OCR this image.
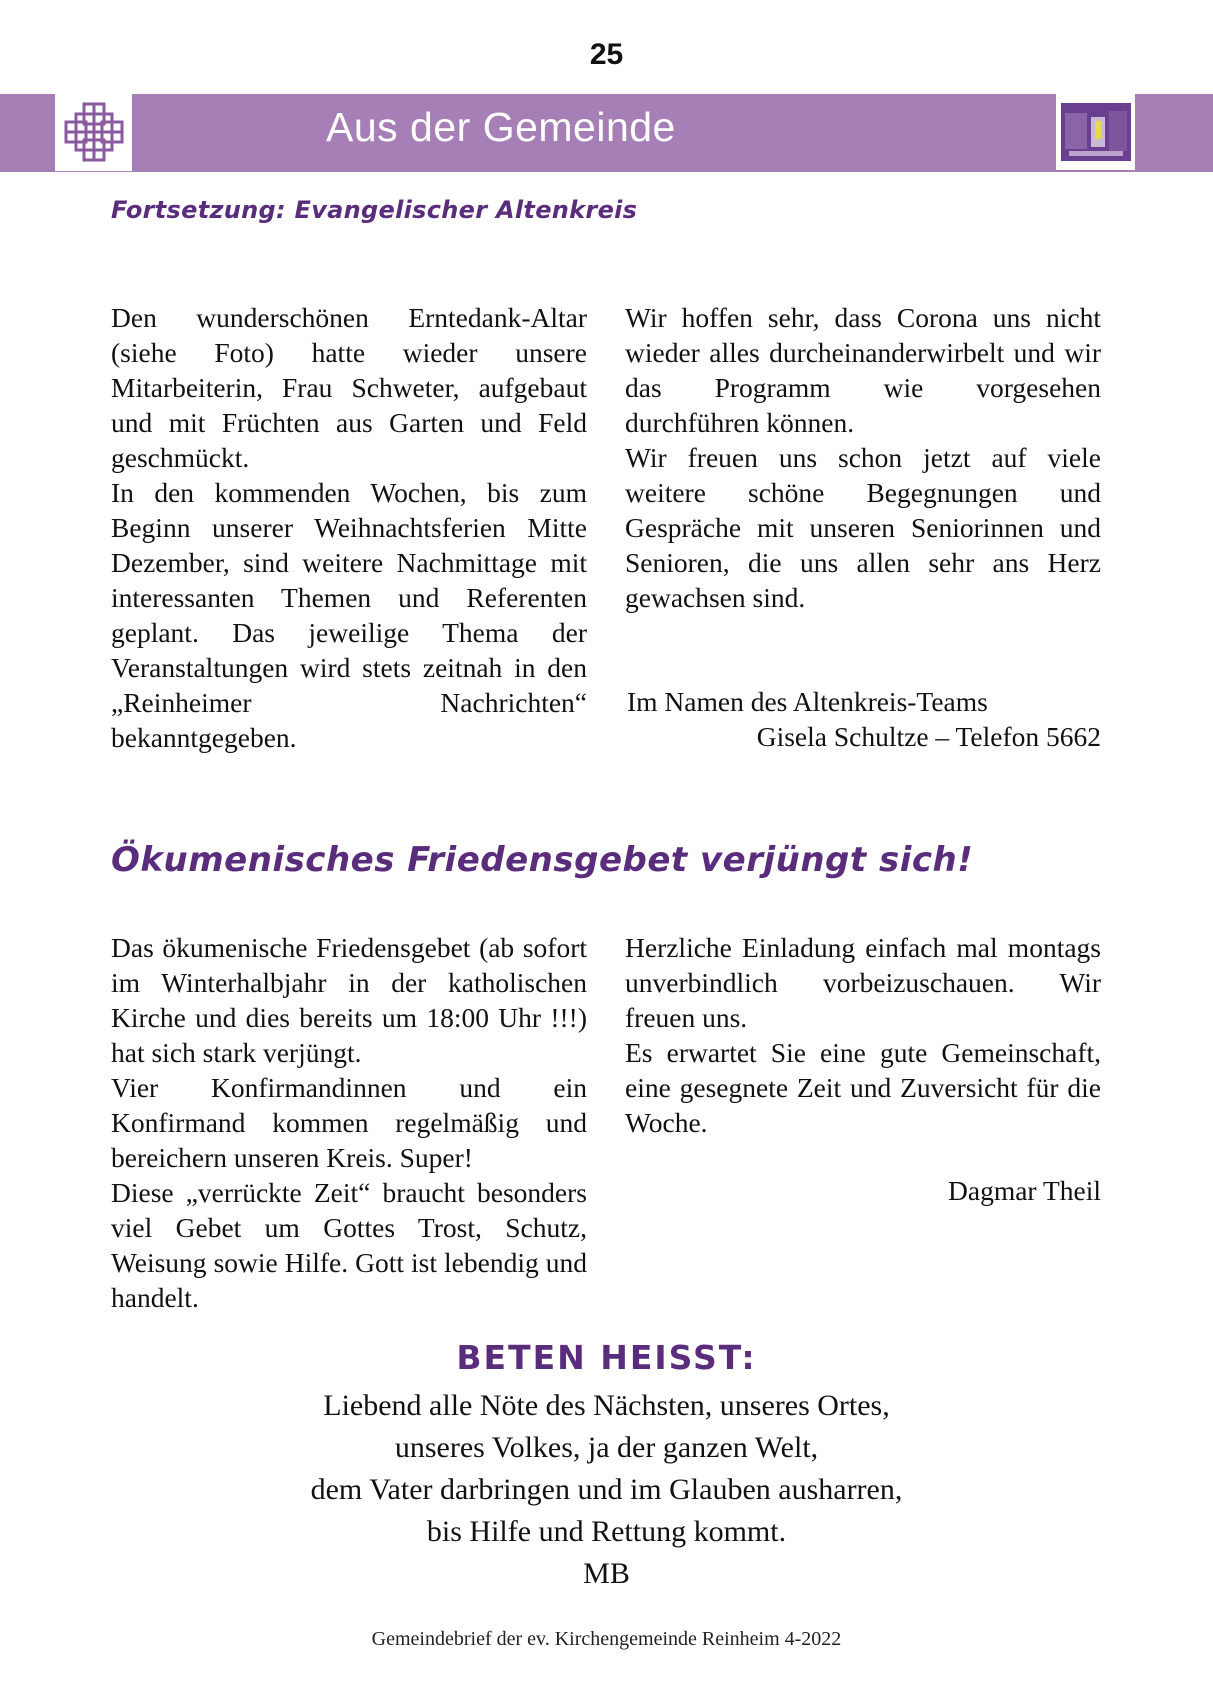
25
Aus der Gemeinde
Fortsetzung: Evangelischer Altenkreis

Den wunderschönen Erntedank-Altar (siehe Foto) hatte wieder unsere Mitarbeiterin, Frau Schweter, aufgebaut und mit Früchten aus Garten und Feld geschmückt.

In den kommenden Wochen, bis zum Beginn unserer Weihnachtsferien Mitte Dezember, sind weitere Nachmittage mit interessanten Themen und Referenten geplant. Das jeweilige Thema der Veranstaltungen wird stets zeitnah in den „Reinheimer Nachrichten“ bekanntgegeben.

Wir hoffen sehr, dass Corona uns nicht wieder alles durcheinanderwirbelt und wir das Programm wie vorgesehen durchführen können.

Wir freuen uns schon jetzt auf viele weitere schöne Begegnungen und Gespräche mit unseren Seniorinnen und Senioren, die uns allen sehr ans Herz gewachsen sind.

Im Namen des Altenkreis-Teams
Gisela Schultze – Telefon 5662
Ökumenisches Friedensgebet verjüngt sich!

Das ökumenische Friedensgebet (ab sofort im Winterhalbjahr in der katholischen Kirche und dies bereits um 18:00 Uhr !!!) hat sich stark verjüngt.

Vier Konfirmandinnen und ein Konfirmand kommen regelmäßig und bereichern unseren Kreis. Super!

Diese „verrückte Zeit“ braucht besonders viel Gebet um Gottes Trost, Schutz, Weisung sowie Hilfe. Gott ist lebendig und handelt.

Herzliche Einladung einfach mal montags unverbindlich vorbeizuschauen. Wir freuen uns.

Es erwartet Sie eine gute Gemeinschaft, eine gesegnete Zeit und Zuversicht für die Woche.

Dagmar Theil
BETEN HEISST:
Liebend alle Nöte des Nächsten, unseres Ortes,
unseres Volkes, ja der ganzen Welt,
dem Vater darbringen und im Glauben ausharren,
bis Hilfe und Rettung kommt.
MB
Gemeindebrief der ev. Kirchengemeinde Reinheim 4-2022
